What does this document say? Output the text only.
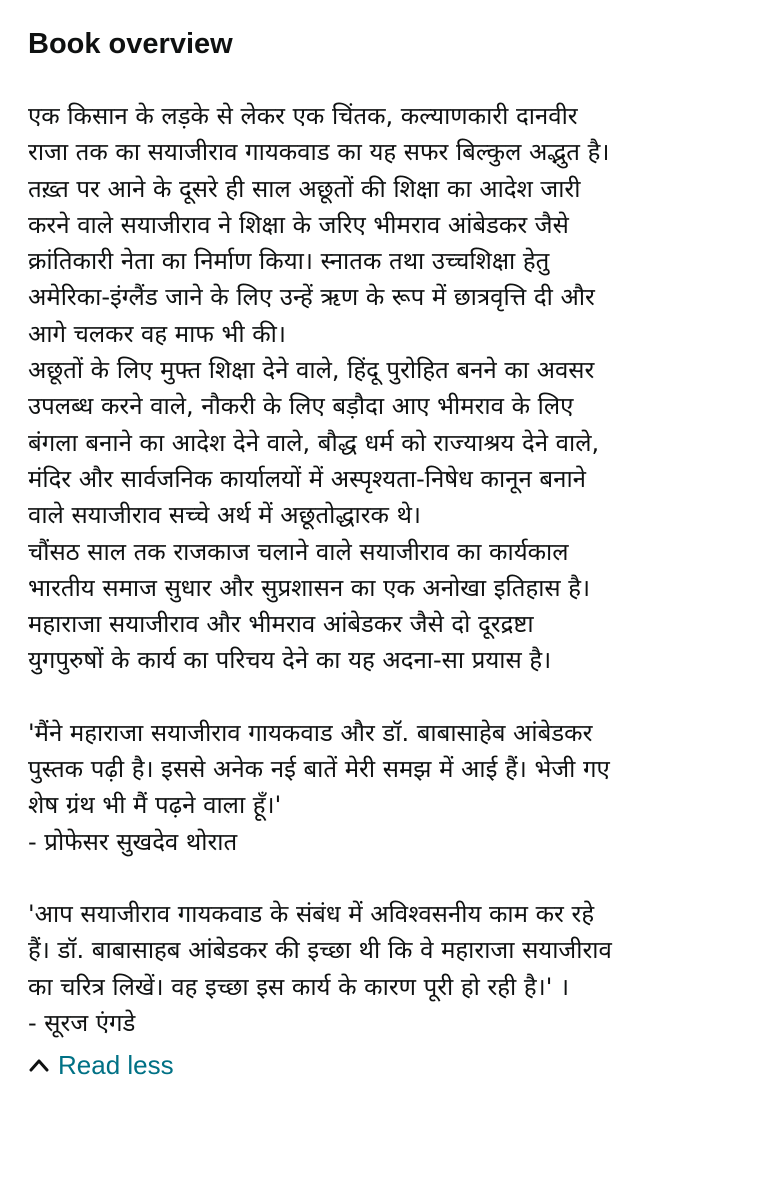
Book overview
एक किसान के लड़के से लेकर एक चिंतक, कल्याणकारी दानवीर
राजा तक का सयाजीराव गायकवाड का यह सफर बिल्कुल अद्भुत है।
तख़्त पर आने के दूसरे ही साल अछूतों की शिक्षा का आदेश जारी
करने वाले सयाजीराव ने शिक्षा के जरिए भीमराव आंबेडकर जैसे
क्रांतिकारी नेता का निर्माण किया। स्नातक तथा उच्चशिक्षा हेतु
अमेरिका-इंग्लैंड जाने के लिए उन्हें ऋण के रूप में छात्रवृत्ति दी और
आगे चलकर वह माफ भी की।
अछूतों के लिए मुफ्त शिक्षा देने वाले, हिंदू पुरोहित बनने का अवसर
उपलब्ध करने वाले, नौकरी के लिए बड़ौदा आए भीमराव के लिए
बंगला बनाने का आदेश देने वाले, बौद्ध धर्म को राज्याश्रय देने वाले,
मंदिर और सार्वजनिक कार्यालयों में अस्पृश्यता-निषेध कानून बनाने
वाले सयाजीराव सच्चे अर्थ में अछूतोद्धारक थे।
चौंसठ साल तक राजकाज चलाने वाले सयाजीराव का कार्यकाल
भारतीय समाज सुधार और सुप्रशासन का एक अनोखा इतिहास है।
महाराजा सयाजीराव और भीमराव आंबेडकर जैसे दो दूरद्रष्टा
युगपुरुषों के कार्य का परिचय देने का यह अदना-सा प्रयास है।
'मैंने महाराजा सयाजीराव गायकवाड और डॉ. बाबासाहेब आंबेडकर
पुस्तक पढ़ी है। इससे अनेक नई बातें मेरी समझ में आई हैं। भेजी गए
शेष ग्रंथ भी मैं पढ़ने वाला हूँ।'
- प्रोफेसर सुखदेव थोरात
'आप सयाजीराव गायकवाड के संबंध में अविश्वसनीय काम कर रहे
हैं। डॉ. बाबासाहब आंबेडकर की इच्छा थी कि वे महाराजा सयाजीराव
का चरित्र लिखें। वह इच्छा इस कार्य के कारण पूरी हो रही है।' ।
- सूरज एंगडे
Read less
